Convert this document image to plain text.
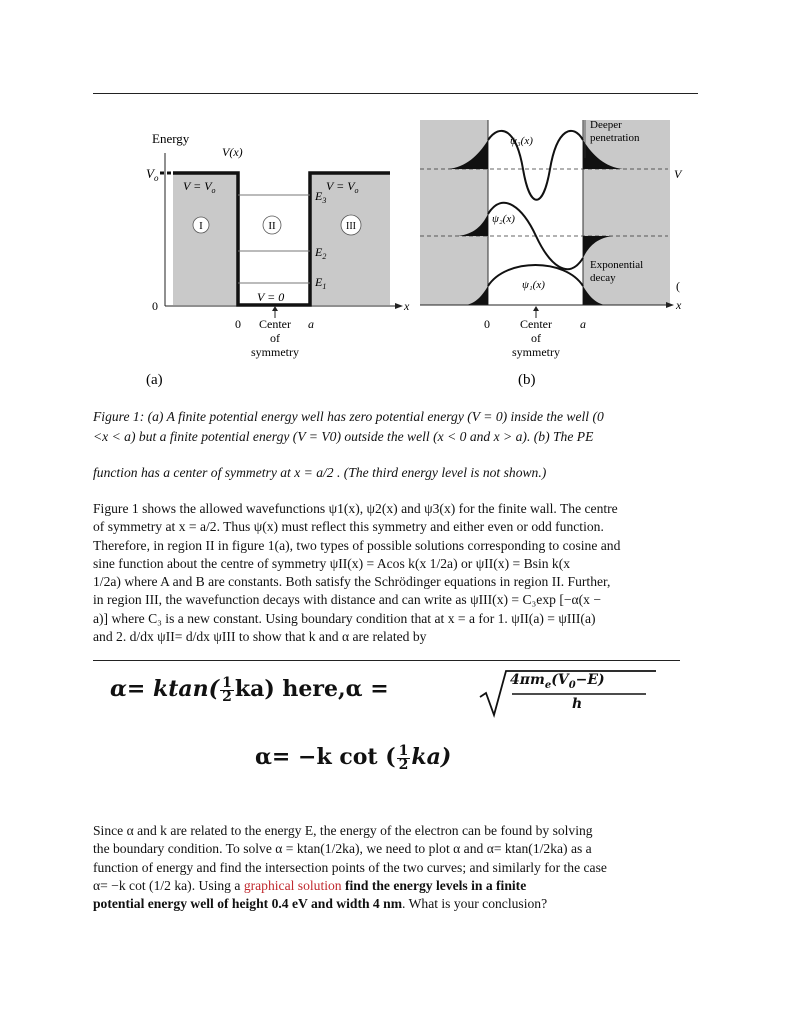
Energy
V(x)
$V_o$
0
$V = V_o$	$V = V_o$
I	II	III
$E_3$
$E_2$
$E_1$
V = 0
x
0 Center
of
symmetry
a
(a)
Deeper
penetration
ψ₃(x)
ψ₂(x)
ψ₁(x)
V
(
Exponential
decay
x
0	Center
of
symmetry
a
(b)
Figure 1: (a) A finite potential energy well has zero potential energy (V = 0) inside the well (0
<x < a) but a finite potential energy (V = V0) outside the well (x < 0 and x > a). (b) The PE
function has a center of symmetry at x = a/2 . (The third energy level is not shown.)
Figure 1 shows the allowed wavefunctions ψ1(x), ψ2(x) and ψ3(x) for the finite wall. The centre
of symmetry at x = a/2. Thus ψ(x) must reflect this symmetry and either even or odd function.
Therefore, in region II in figure 1(a), two types of possible solutions corresponding to cosine and
sine function about the centre of symmetry ψII(x) = Acos k(x 1/2a) or ψII(x) = Bsin k(x
1/2a) where A and B are constants. Both satisfy the Schrödinger equations in region II. Further,
in region III, the wavefunction decays with distance and can write as ψIII(x) = C₃exp [−α(x −
a)] where C₃ is a new constant. Using boundary condition that at x = a for 1. ψII(a) = ψIII(a)
and 2. d/dx ψII= d/dx ψIII to show that k and α are related by
$\alpha= ktan( \frac{1}{2} ka)$ here,α =	$4\pi m_e(V_0-E)$
h
α= −k cot ( $\frac{1}{2} ka$)
Since α and k are related to the energy E, the energy of the electron can be found by solving
the boundary condition. To solve α = ktan(1/2ka), we need to plot α and α= ktan(1/2ka) as a
function of energy and find the intersection points of the two curves; and similarly for the case
α= −k cot (1/2 ka). Using a graphical solution find the energy levels in a finite
potential energy well of height 0.4 eV and width 4 nm. What is your conclusion?
